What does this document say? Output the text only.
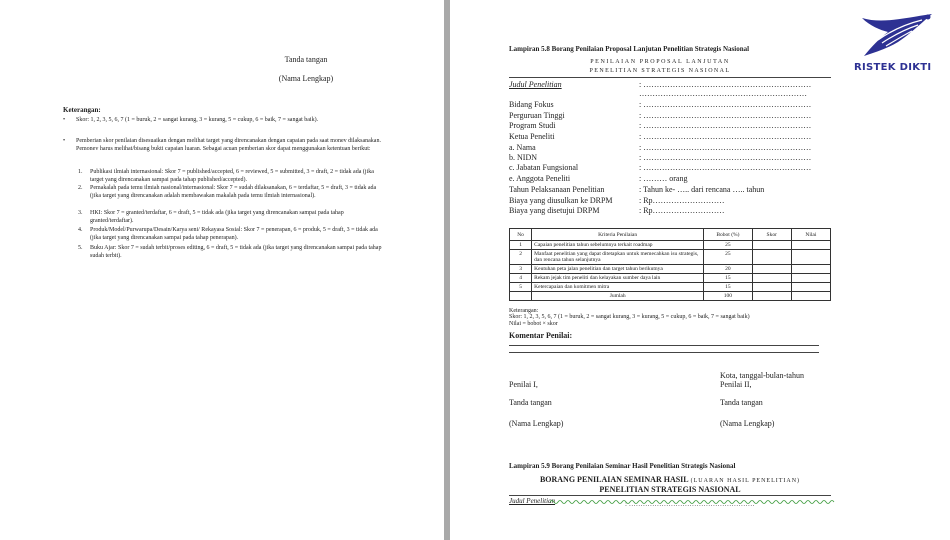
Tanda tangan
(Nama Lengkap)
Keterangan:
• Skor: 1, 2, 3, 5, 6, 7 (1 = buruk, 2 = sangat kurang, 3 = kurang, 5 = cukup, 6 = baik, 7 = sangat baik).
• Pemberian skor penilaian disesuaikan dengan melihat target yang direncanakan dengan capaian pada saat monev dilaksanakan. Pemonev harus melihat/bisang bukti capaian luaran. Sebagai acuan pemberian skor dapat menggunakan ketentuan berikut:
1. Publikasi ilmiah internasional: Skor 7 = published/accepted, 6 = reviewed, 5 = submitted, 3 = draft, 2 = tidak ada (jika target yang direncanakan sampai pada tahap published/accepted).
2. Pemakalah pada temu ilmiah nasional/internasional: Skor 7 = sudah dilaksanakan, 6 = terdaftar, 5 = draft, 3 = tidak ada (jika target yang direncanakan adalah membawakan makalah pada temu ilmiah internasional).
3. HKI: Skor 7 = granted/terdaftar, 6 = draft, 5 = tidak ada (jika target yang direncanakan sampai pada tahap granted/terdaftar).
4. Produk/Model/Purwarupa/Desain/Karya seni/ Rekayasa Sosial: Skor 7 = penerapan, 6 = produk, 5 = draft, 3 = tidak ada (jika target yang direncanakan sampai pada tahap penerapan).
5. Buku Ajar: Skor 7 = sudah terbit/proses editing, 6 = draft, 5 = tidak ada (jika target yang direncanakan sampai pada tahap sudah terbit).
RISTEK DIKTI
Lampiran 5.8 Borang Penilaian Proposal Lanjutan Penelitian Strategis Nasional
PENILAIAN PROPOSAL LANJUTAN
PENELITIAN STRATEGIS NASIONAL
Judul Penelitian	: ………………………………………………………
………………………………………………………
Bidang Fokus	: ………………………………………………………
Perguruan Tinggi	: ………………………………………………………
Program Studi	: ………………………………………………………
Ketua Peneliti	: ………………………………………………………
a. Nama	: ………………………………………………………
b. NIDN	: ………………………………………………………
c. Jabatan Fungsional	: ………………………………………………………
e. Anggota Peneliti	: ……… orang
Tahun Pelaksanaan Penelitian	: Tahun ke- ….. dari rencana ….. tahun
Biaya yang diusulkan ke DRPM	: Rp………………………
Biaya yang disetujui DRPM	: Rp………………………
No	Kriteria Penilaian	Bobot (%)	Skor	Nilai
1	Capaian penelitian tahun sebelumnya terkait roadmap	25		
2	Manfaat penelitian yang dapat ditetapkan untuk memecahkan isu strategis, dan rencana tahun selanjutnya	25		
3	Keutuhan peta jalan penelitian dan target tahun berikutnya	20		
4	Rekam jejak tim peneliti dan kelayakan sumber daya lain	15		
5	Ketercapaian dan komitmen mitra	15		
	Jumlah	100		
Keterangan:
Skor: 1, 2, 3, 5, 6, 7 (1 = buruk, 2 = sangat kurang, 3 = kurang, 5 = cukup, 6 = baik, 7 = sangat baik)
Nilai = bobot × skor
Komentar Penilai:
Kota, tanggal-bulan-tahun
Penilai I,	Penilai II,
Tanda tangan	Tanda tangan
(Nama Lengkap)	(Nama Lengkap)
Lampiran 5.9 Borang Penilaian Seminar Hasil Penelitian Strategis Nasional
BORANG PENILAIAN SEMINAR HASIL (LUARAN HASIL PENELITIAN)
PENELITIAN STRATEGIS NASIONAL
Judul Penelitian	: ………………………………………………
